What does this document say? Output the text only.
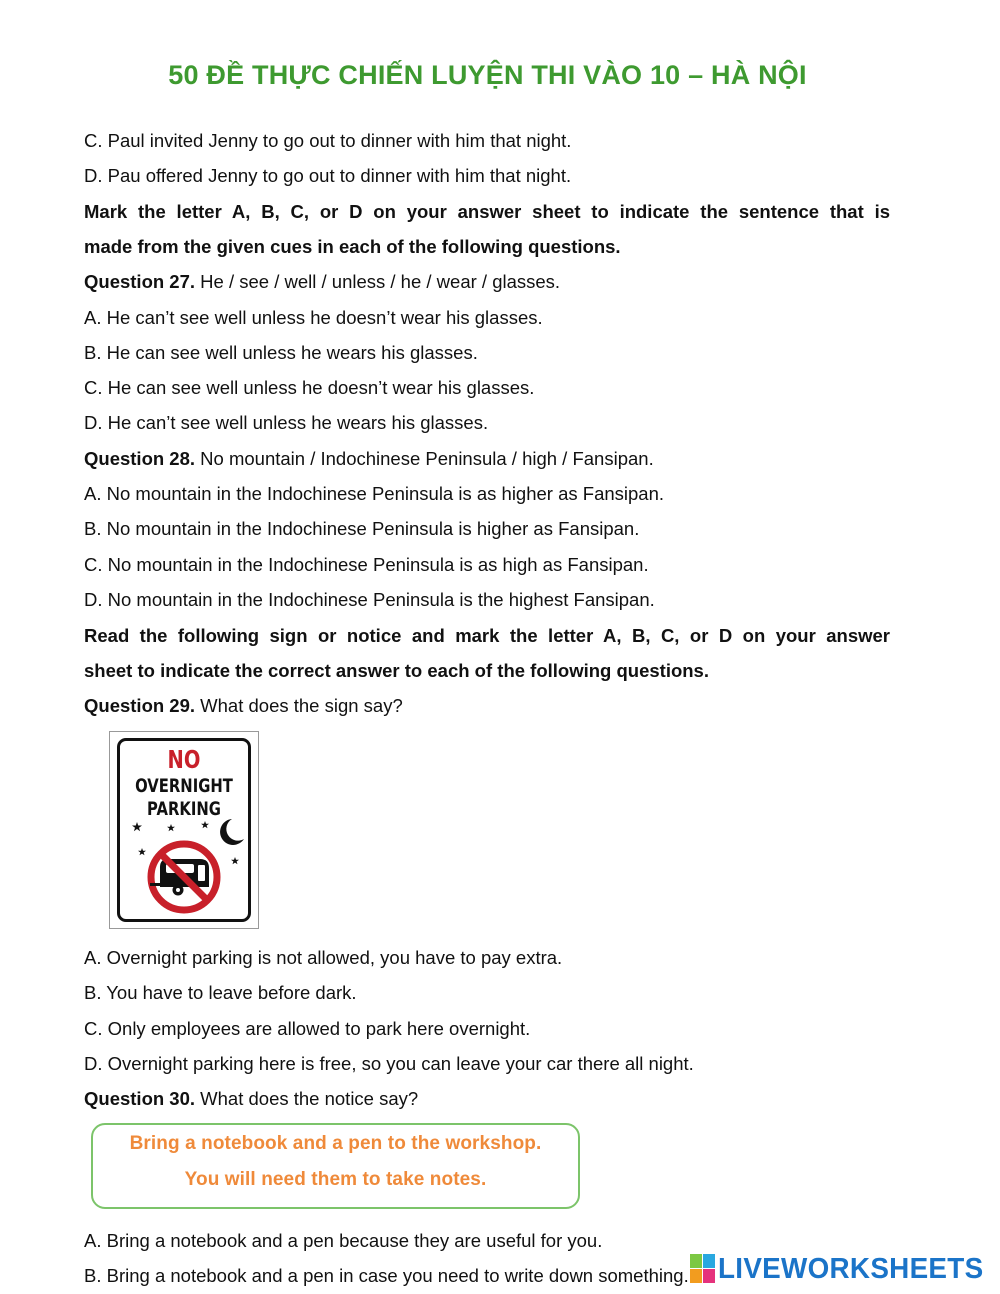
50 ĐỀ THỰC CHIẾN LUYỆN THI VÀO 10 – HÀ NỘI
C. Paul invited Jenny to go out to dinner with him that night.
D. Pau offered Jenny to go out to dinner with him that night.
Mark the letter A, B, C, or D on your answer sheet to indicate the sentence that is
made from the given cues in each of the following questions.
Question 27. He / see / well / unless / he / wear / glasses.
A. He can’t see well unless he doesn’t wear his glasses.
B. He can see well unless he wears his glasses.
C. He can see well unless he doesn’t wear his glasses.
D. He can’t see well unless he wears his glasses.
Question 28. No mountain / Indochinese Peninsula / high / Fansipan.
A. No mountain in the Indochinese Peninsula is as higher as Fansipan.
B. No mountain in the Indochinese Peninsula is higher as Fansipan.
C. No mountain in the Indochinese Peninsula is as high as Fansipan.
D. No mountain in the Indochinese Peninsula is the highest Fansipan.
Read the following sign or notice and mark the letter A, B, C, or D on your answer
sheet to indicate the correct answer to each of the following questions.
Question 29. What does the sign say?
NO
OVERNIGHT
PARKING
A. Overnight parking is not allowed, you have to pay extra.
B. You have to leave before dark.
C. Only employees are allowed to park here overnight.
D. Overnight parking here is free, so you can leave your car there all night.
Question 30. What does the notice say?
Bring a notebook and a pen to the workshop.
You will need them to take notes.
A. Bring a notebook and a pen because they are useful for you.
B. Bring a notebook and a pen in case you need to write down something.	LIVEWORKSHEETS
